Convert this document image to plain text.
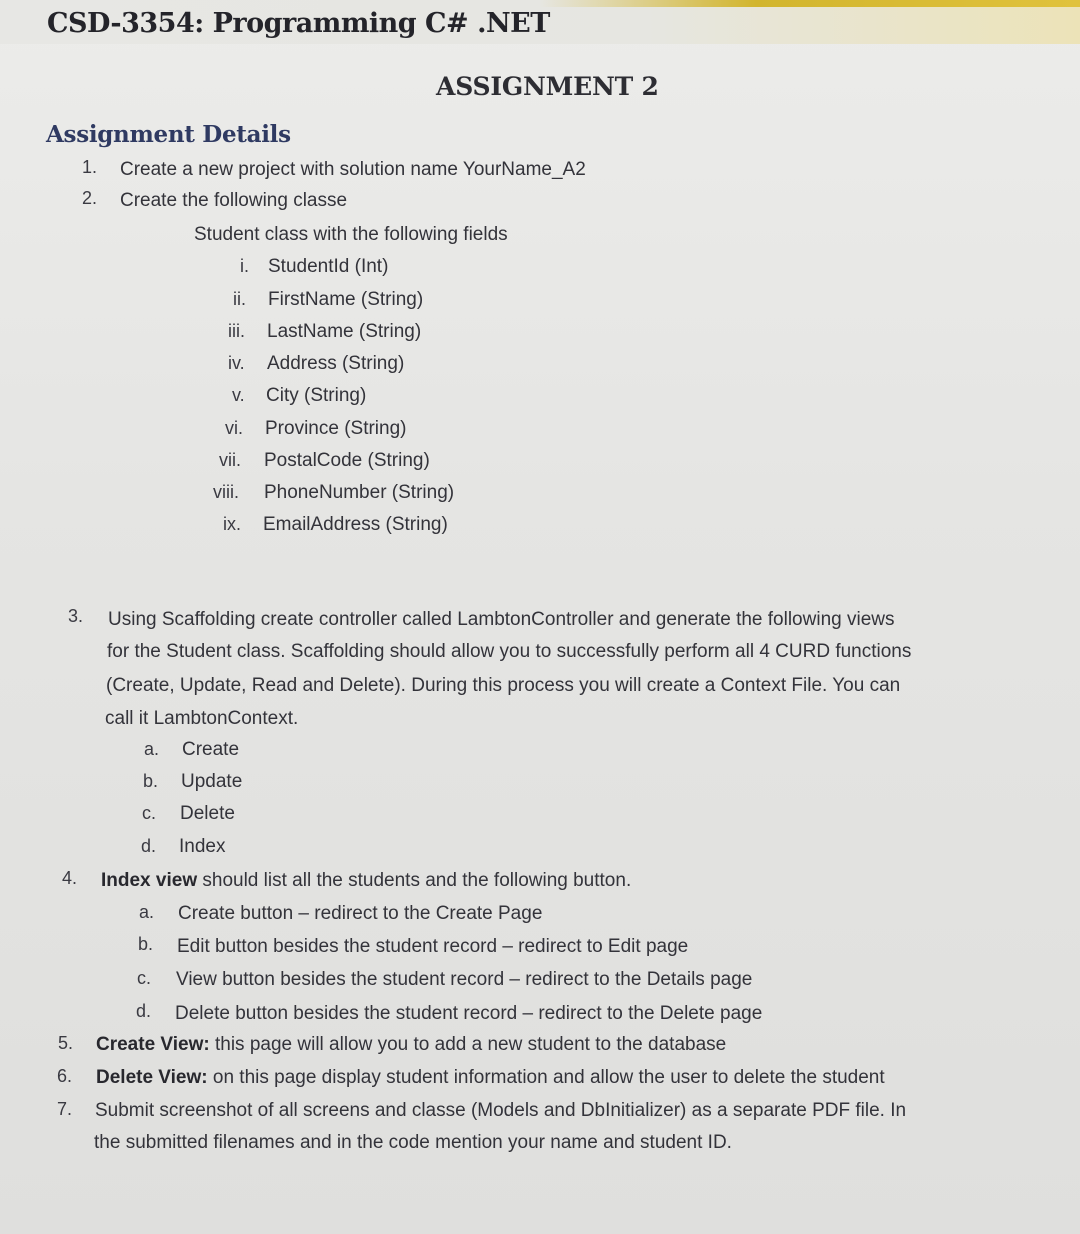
CSD-3354: Programming C# .NET
ASSIGNMENT 2
Assignment Details
1. Create a new project with solution name YourName_A2
2. Create the following classe
Student class with the following fields
i. StudentId (Int)
ii. FirstName (String)
iii. LastName (String)
iv. Address (String)
v. City (String)
vi. Province (String)
vii. PostalCode (String)
viii. PhoneNumber (String)
ix. EmailAddress (String)
3. Using Scaffolding create controller called LambtonController and generate the following views
for the Student class. Scaffolding should allow you to successfully perform all 4 CURD functions
(Create, Update, Read and Delete). During this process you will create a Context File. You can
call it LambtonContext.
a. Create
b. Update
c. Delete
d. Index
4. Index view should list all the students and the following button.
a. Create button – redirect to the Create Page
b. Edit button besides the student record – redirect to Edit page
c. View button besides the student record – redirect to the Details page
d. Delete button besides the student record – redirect to the Delete page
5. Create View: this page will allow you to add a new student to the database
6. Delete View: on this page display student information and allow the user to delete the student
7. Submit screenshot of all screens and classe (Models and DbInitializer) as a separate PDF file. In
the submitted filenames and in the code mention your name and student ID.
